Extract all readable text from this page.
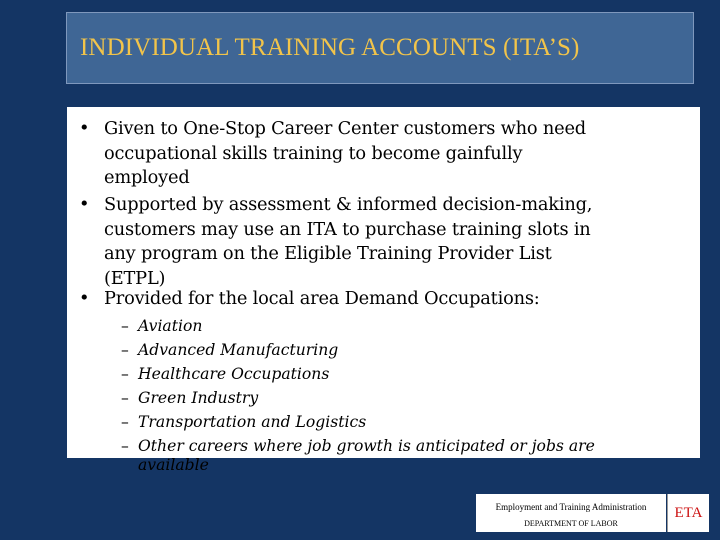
INDIVIDUAL TRAINING ACCOUNTS (ITA’S)
• Given to One-Stop Career Center customers who need
occupational skills training to become gainfully
employed
• Supported by assessment & informed decision-making,
customers may use an ITA to purchase training slots in
any program on the Eligible Training Provider List
(ETPL)
• Provided for the local area Demand Occupations:
– Aviation
– Advanced Manufacturing
– Healthcare Occupations
– Green Industry
– Transportation and Logistics
– Other careers where job growth is anticipated or jobs are
available
Employment and Training Administration
DEPARTMENT OF LABOR
ETA
